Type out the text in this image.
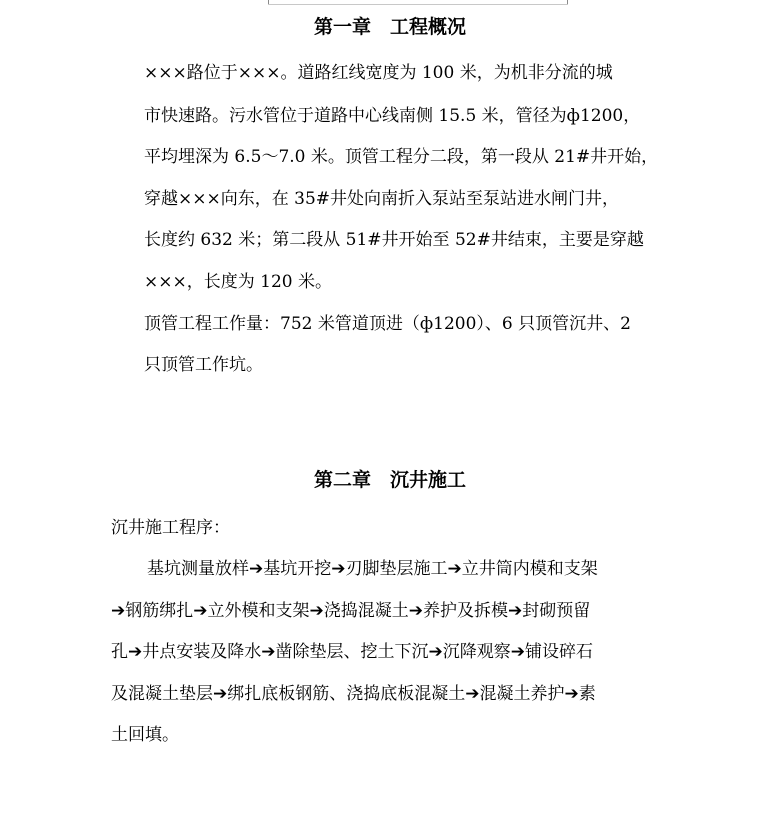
第一章　工程概况

×××路位于×××。道路红线宽度为 100 米，为机非分流的城

市快速路。污水管位于道路中心线南侧 15.5 米，管径为ф1200，

平均埋深为 6.5～7.0 米。顶管工程分二段，第一段从 21#井开始，

穿越×××向东，在 35#井处向南折入泵站至泵站进水闸门井，

长度约 632 米；第二段从 51#井开始至 52#井结束，主要是穿越

×××，长度为 120 米。

顶管工程工作量：752 米管道顶进（ф1200）、6 只顶管沉井、2

只顶管工作坑。

第二章　沉井施工

沉井施工程序：

基坑测量放样➔基坑开挖➔刃脚垫层施工➔立井筒内模和支架

➔钢筋绑扎➔立外模和支架➔浇捣混凝土➔养护及拆模➔封砌预留

孔➔井点安装及降水➔凿除垫层、挖土下沉➔沉降观察➔铺设碎石

及混凝土垫层➔绑扎底板钢筋、浇捣底板混凝土➔混凝土养护➔素

土回填。
